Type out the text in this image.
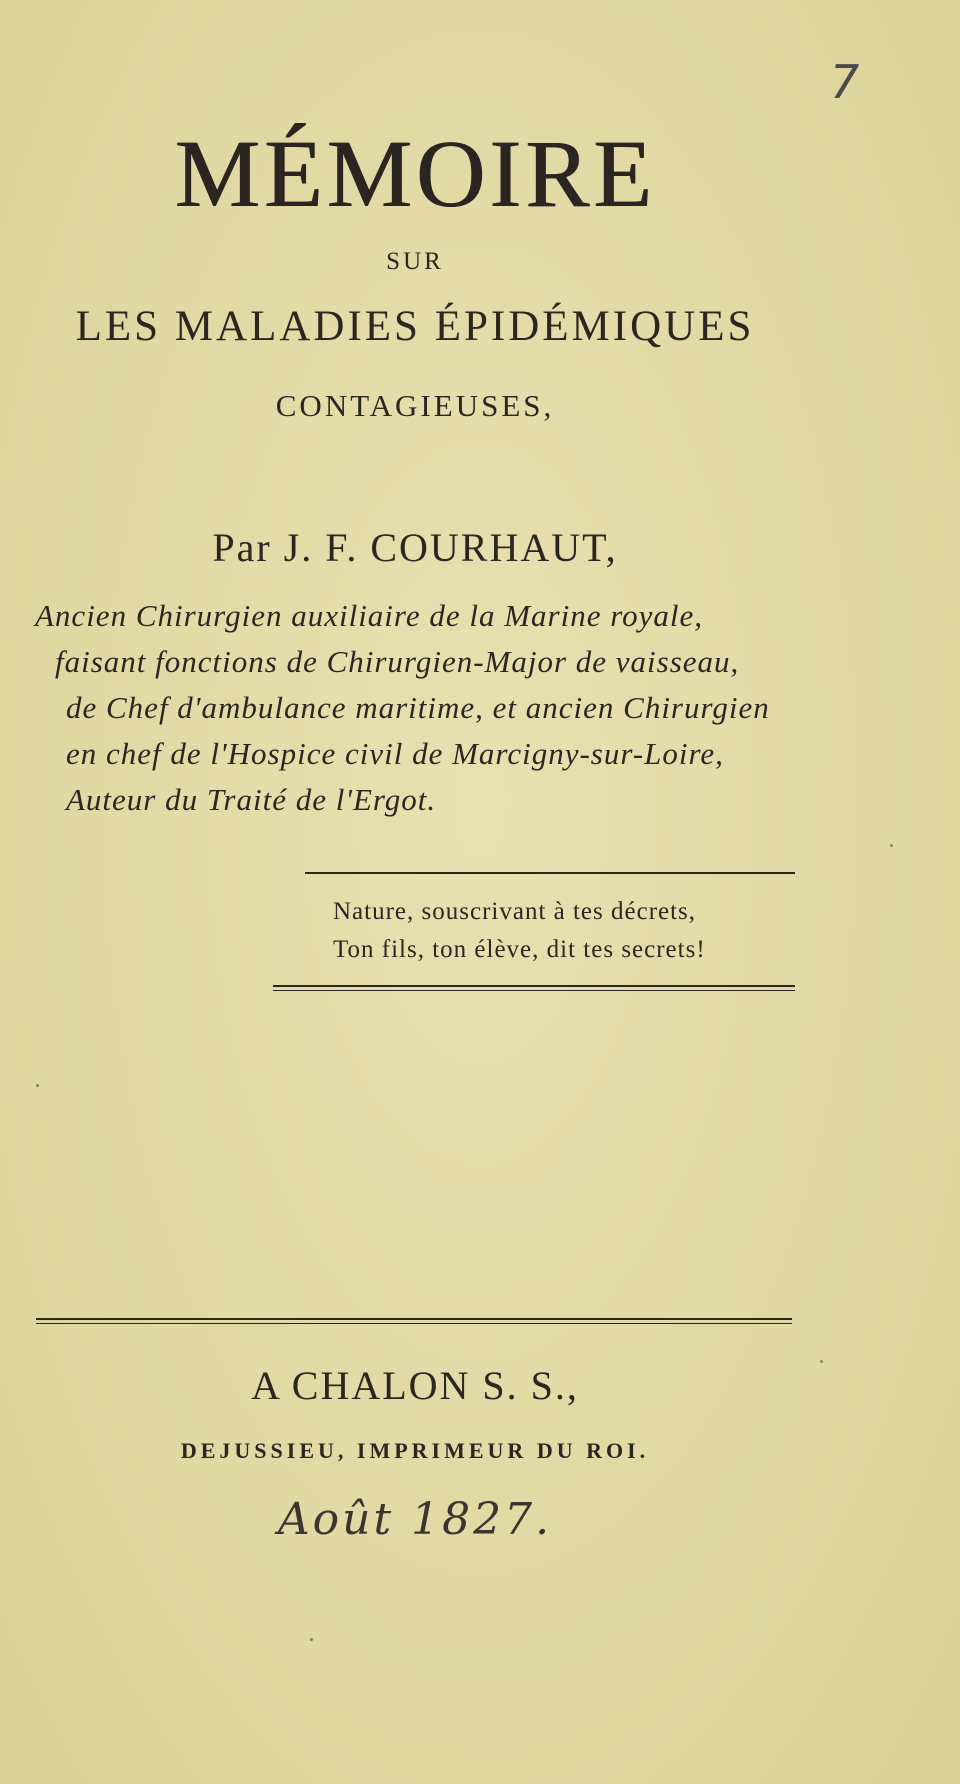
7
MÉMOIRE
SUR
LES MALADIES ÉPIDÉMIQUES
CONTAGIEUSES,
Par J. F. COURHAUT,
Ancien Chirurgien auxiliaire de la Marine royale,
faisant fonctions de Chirurgien-Major de vaisseau,
de Chef d'ambulance maritime, et ancien Chirurgien
en chef de l'Hospice civil de Marcigny-sur-Loire,
Auteur du Traité de l'Ergot.
Nature, souscrivant à tes décrets,
Ton fils, ton élève, dit tes secrets!
A CHALON S. S.,
DEJUSSIEU, IMPRIMEUR DU ROI.
Août 1827.
